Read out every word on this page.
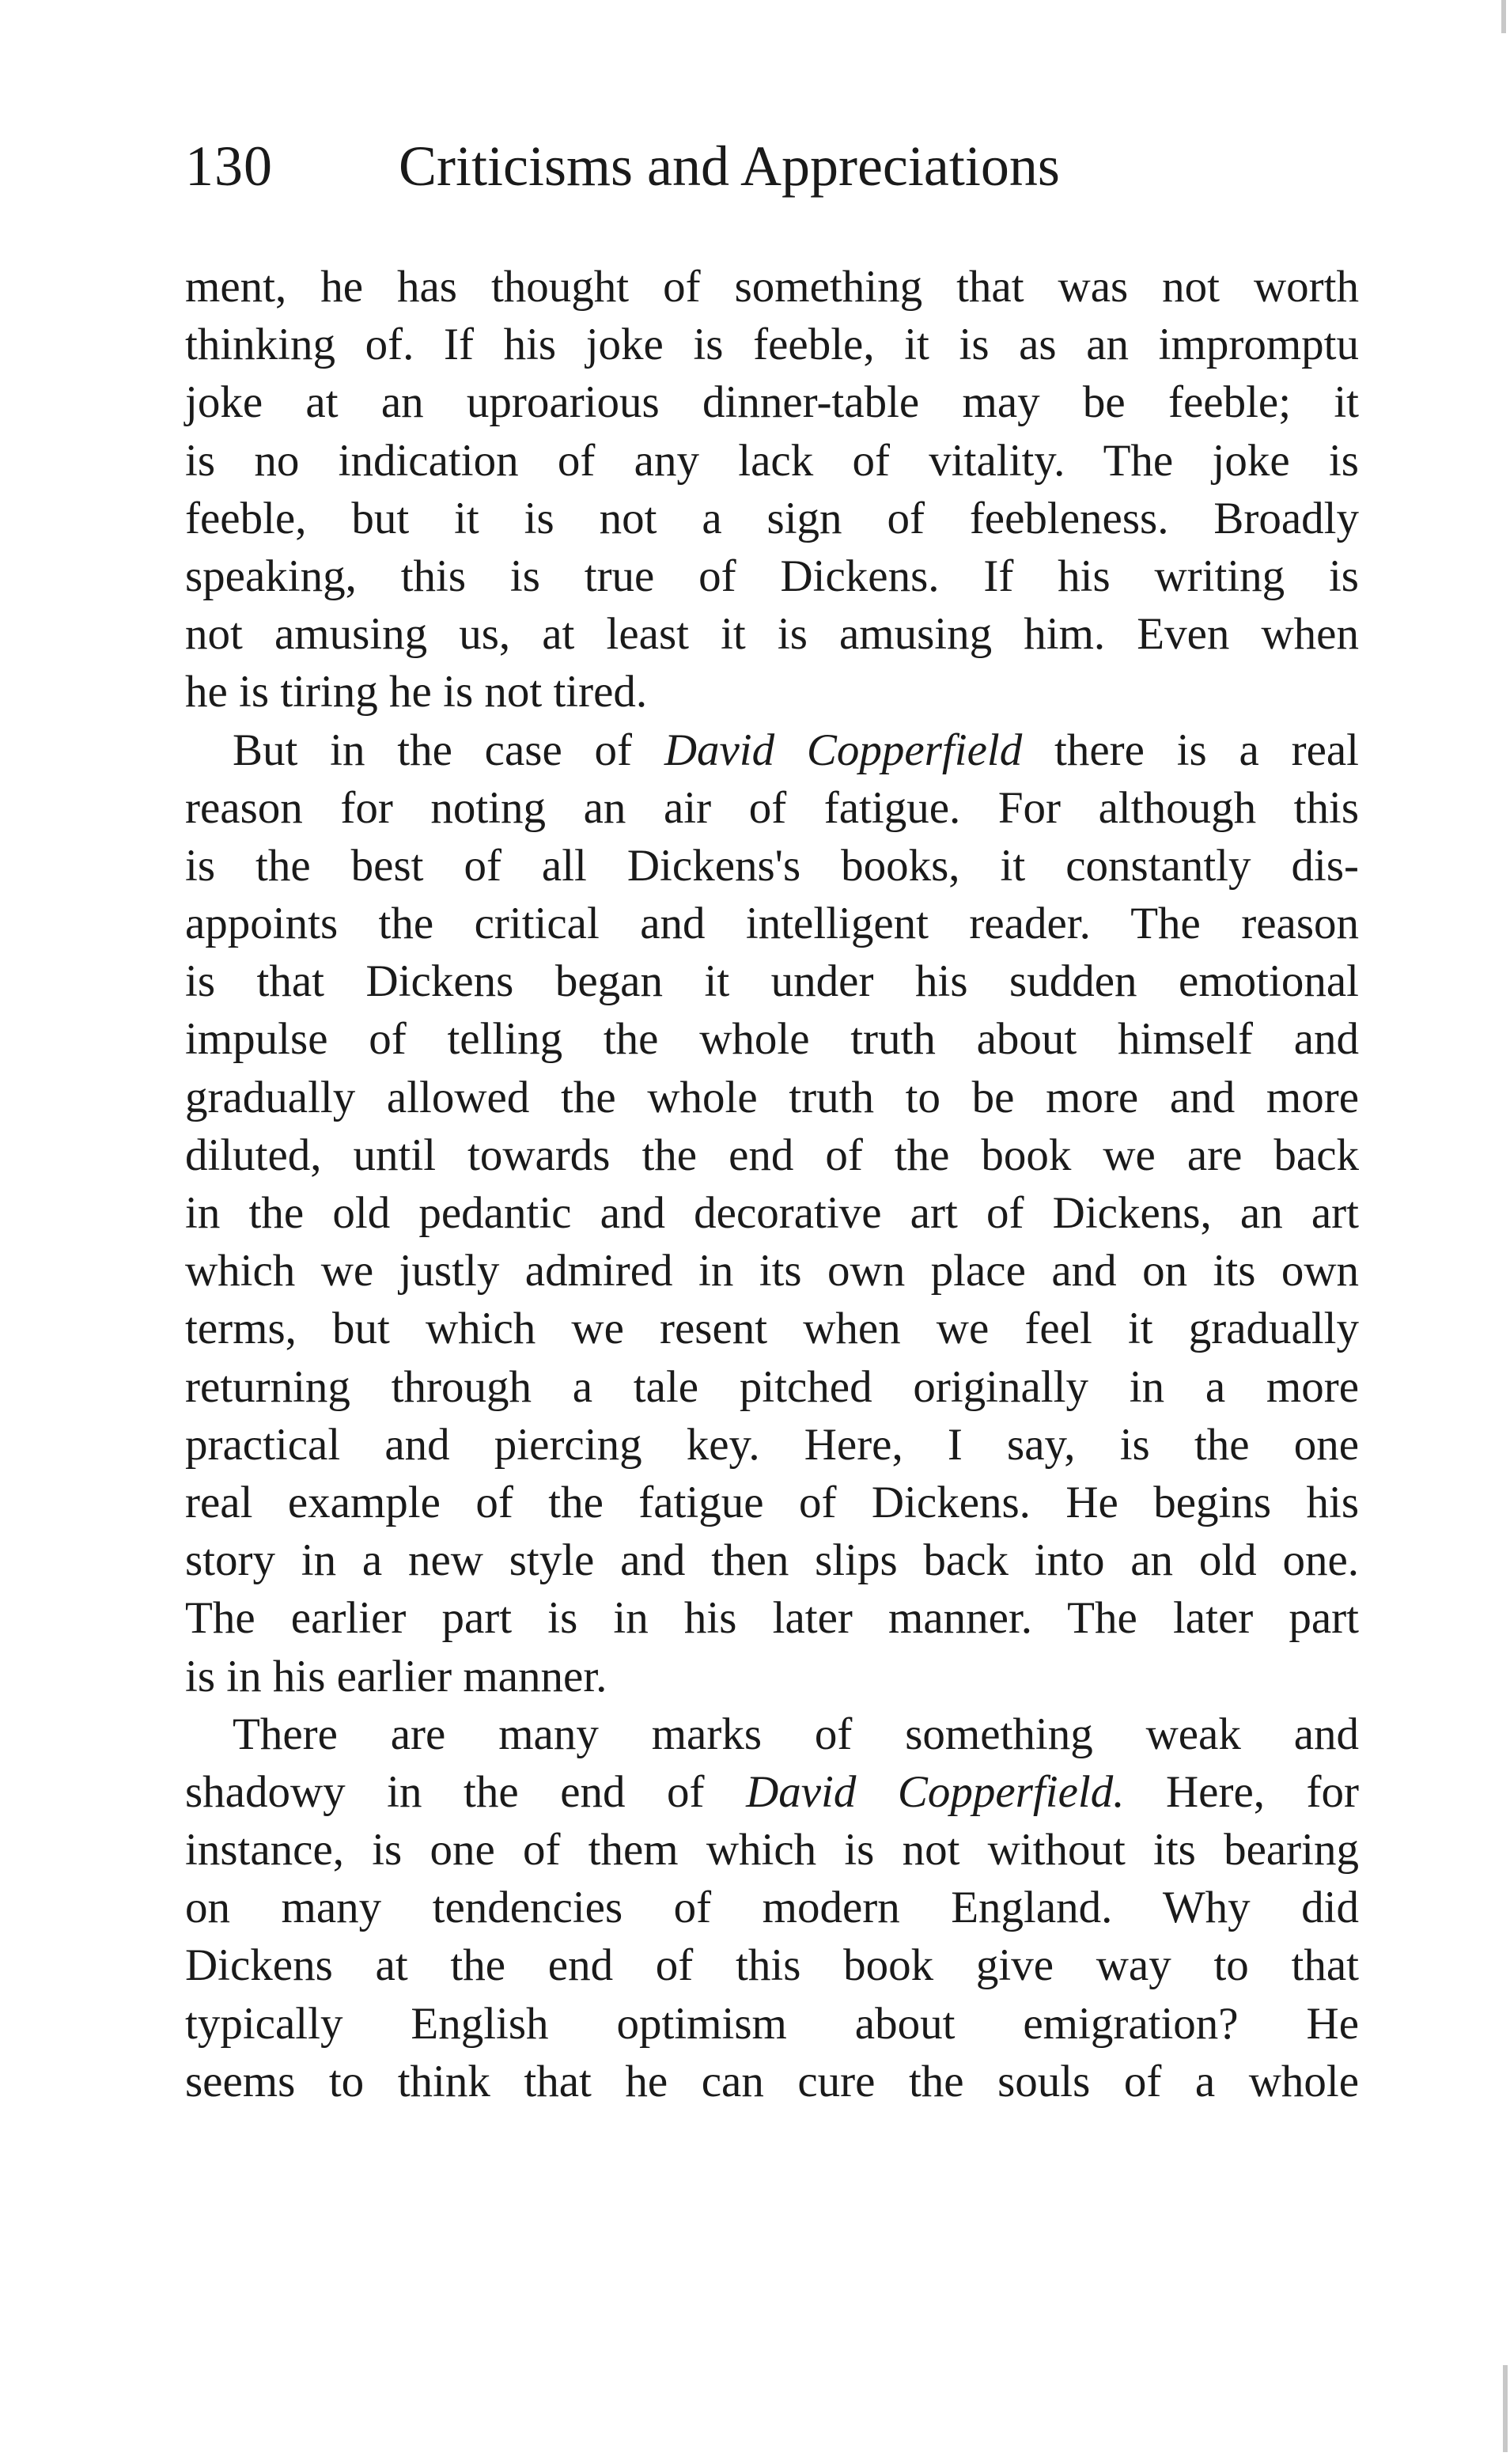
130 Criticisms and Appreciations
ment, he has thought of something that was not worth
thinking of. If his joke is feeble, it is as an impromptu
joke at an uproarious dinner-table may be feeble; it
is no indication of any lack of vitality. The joke is
feeble, but it is not a sign of feebleness. Broadly
speaking, this is true of Dickens. If his writing is
not amusing us, at least it is amusing him. Even when
he is tiring he is not tired.
But in the case of David Copperfield there is a real
reason for noting an air of fatigue. For although this
is the best of all Dickens's books, it constantly dis-
appoints the critical and intelligent reader. The reason
is that Dickens began it under his sudden emotional
impulse of telling the whole truth about himself and
gradually allowed the whole truth to be more and more
diluted, until towards the end of the book we are back
in the old pedantic and decorative art of Dickens, an art
which we justly admired in its own place and on its own
terms, but which we resent when we feel it gradually
returning through a tale pitched originally in a more
practical and piercing key. Here, I say, is the one
real example of the fatigue of Dickens. He begins his
story in a new style and then slips back into an old one.
The earlier part is in his later manner. The later part
is in his earlier manner.
There are many marks of something weak and
shadowy in the end of David Copperfield. Here, for
instance, is one of them which is not without its bearing
on many tendencies of modern England. Why did
Dickens at the end of this book give way to that
typically English optimism about emigration? He
seems to think that he can cure the souls of a whole
